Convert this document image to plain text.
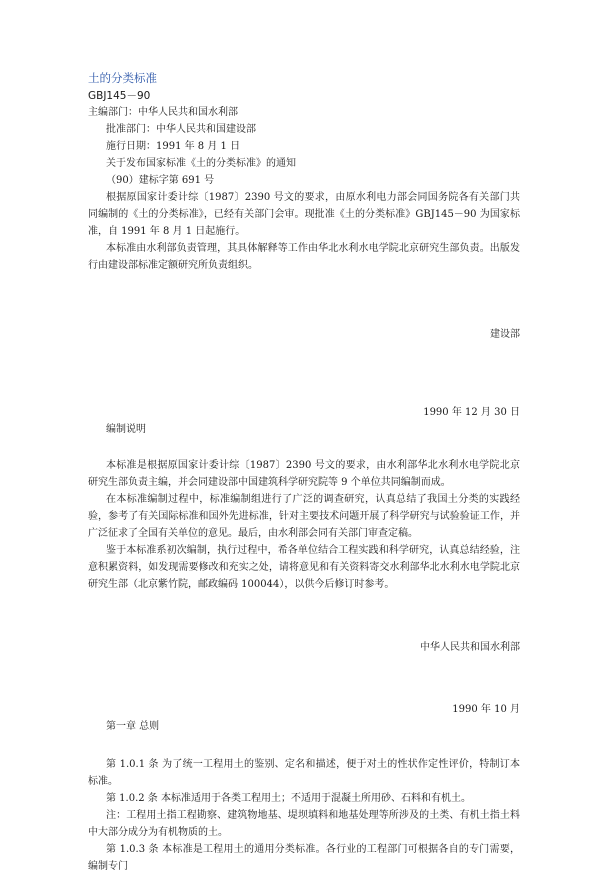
土的分类标准

GBJ145－90

主编部门：中华人民共和国水利部

批准部门：中华人民共和国建设部

施行日期：1991 年 8 月 1 日

关于发布国家标准《土的分类标准》的通知

（90）建标字第 691 号

根据原国家计委计综〔1987〕2390 号文的要求，由原水利电力部会同国务院各有关部门共同编制的《土的分类标准》，已经有关部门会审。现批准《土的分类标准》GBJ145－90 为国家标准，自 1991 年 8 月 1 日起施行。

本标准由水利部负责管理，其具体解释等工作由华北水利水电学院北京研究生部负责。出版发行由建设部标准定额研究所负责组织。

建设部

1990 年 12 月 30 日

编制说明

本标准是根据原国家计委计综〔1987〕2390 号文的要求，由水利部华北水利水电学院北京研究生部负责主编，并会同建设部中国建筑科学研究院等 9 个单位共同编制而成。

在本标准编制过程中，标准编制组进行了广泛的调查研究，认真总结了我国土分类的实践经验，参考了有关国际标准和国外先进标准，针对主要技术问题开展了科学研究与试验验证工作，并广泛征求了全国有关单位的意见。最后，由水利部会同有关部门审查定稿。

鉴于本标准系初次编制，执行过程中，希各单位结合工程实践和科学研究，认真总结经验，注意积累资料，如发现需要修改和充实之处，请将意见和有关资料寄交水利部华北水利水电学院北京研究生部（北京紫竹院，邮政编码 100044），以供今后修订时参考。

中华人民共和国水利部

1990 年 10 月

第一章 总则

第 1.0.1 条 为了统一工程用土的鉴别、定名和描述，便于对土的性状作定性评价，特制订本标准。

第 1.0.2 条 本标准适用于各类工程用土；不适用于混凝土所用砂、石料和有机土。

注：工程用土指工程勘察、建筑物地基、堤坝填料和地基处理等所涉及的土类、有机土指土料中大部分成分为有机物质的土。

第 1.0.3 条 本标准是工程用土的通用分类标准。各行业的工程部门可根据各自的专门需要，编制专门
